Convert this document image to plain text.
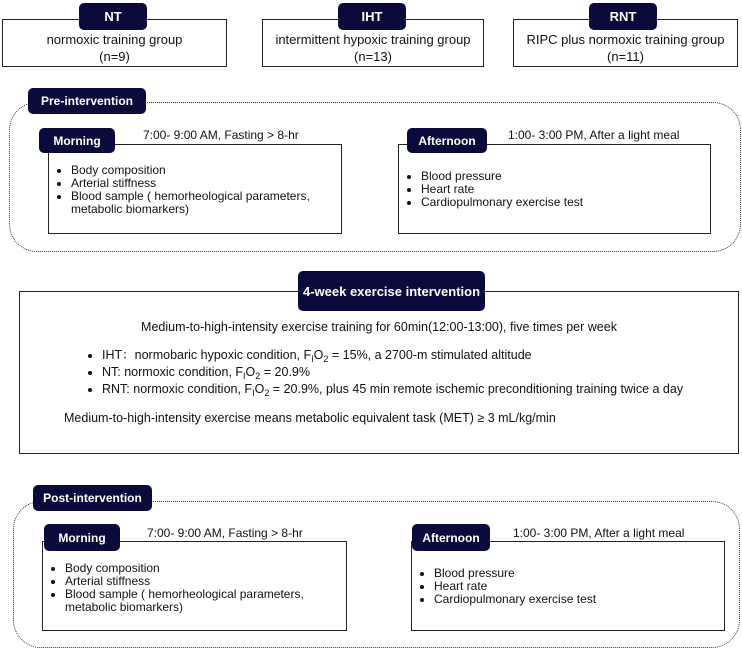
normoxic training group
(n=9)
NT
intermittent hypoxic training group
(n=13)
IHT
RIPC plus normoxic training group
(n=11)
RNT
Pre-intervention
• Body composition
• Arterial stiffness
• Blood sample ( hemorheological parameters, metabolic biomarkers)
Morning	7:00- 9:00 AM, Fasting > 8-hr
• Blood pressure
• Heart rate
• Cardiopulmonary exercise test
Afternoon	1:00- 3:00 PM, After a light meal
Medium-to-high-intensity exercise training for 60min(12:00-13:00), five times per week
• IHT：normobaric hypoxic condition, $F_IO_2 = 15\%$, a 2700-m stimulated altitude
• NT: normoxic condition, $F_IO_2 = 20.9\%$
• RNT: normoxic condition, $F_IO_2 = 20.9\%$, plus 45 min remote ischemic preconditioning training twice a day
Medium-to-high-intensity exercise means metabolic equivalent task (MET) ≥ 3 mL/kg/min
4-week exercise intervention
Post-intervention
• Body composition
• Arterial stiffness
• Blood sample ( hemorheological parameters, metabolic biomarkers)
Morning	7:00- 9:00 AM, Fasting > 8-hr
• Blood pressure
• Heart rate
• Cardiopulmonary exercise test
Afternoon	1:00- 3:00 PM, After a light meal
